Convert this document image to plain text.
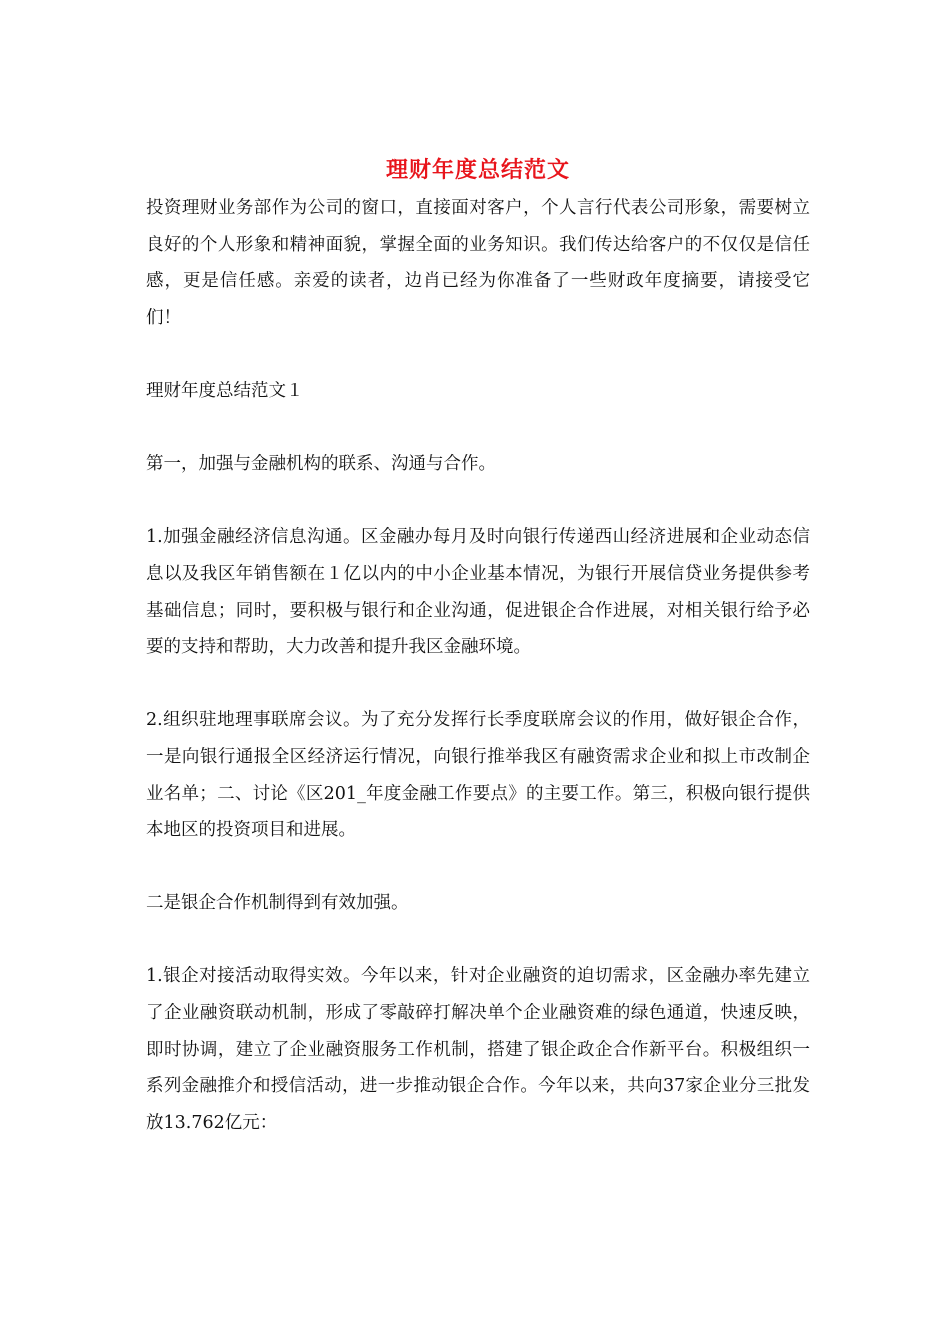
理财年度总结范文

投资理财业务部作为公司的窗口，直接面对客户，个人言行代表公司形象，需要树立良好的个人形象和精神面貌，掌握全面的业务知识。我们传达给客户的不仅仅是信任感，更是信任感。亲爱的读者，边肖已经为你准备了一些财政年度摘要，请接受它们！

理财年度总结范文１

第一，加强与金融机构的联系、沟通与合作。

1.加强金融经济信息沟通。区金融办每月及时向银行传递西山经济进展和企业动态信息以及我区年销售额在１亿以内的中小企业基本情况，为银行开展信贷业务提供参考基础信息；同时，要积极与银行和企业沟通，促进银企合作进展，对相关银行给予必要的支持和帮助，大力改善和提升我区金融环境。

2.组织驻地理事联席会议。为了充分发挥行长季度联席会议的作用，做好银企合作，一是向银行通报全区经济运行情况，向银行推举我区有融资需求企业和拟上市改制企业名单；二、讨论《区201_年度金融工作要点》的主要工作。第三，积极向银行提供本地区的投资项目和进展。

二是银企合作机制得到有效加强。

1.银企对接活动取得实效。今年以来，针对企业融资的迫切需求，区金融办率先建立了企业融资联动机制，形成了零敲碎打解决单个企业融资难的绿色通道，快速反映，即时协调，建立了企业融资服务工作机制，搭建了银企政企合作新平台。积极组织一系列金融推介和授信活动，进一步推动银企合作。今年以来，共向37家企业分三批发放13.762亿元：
